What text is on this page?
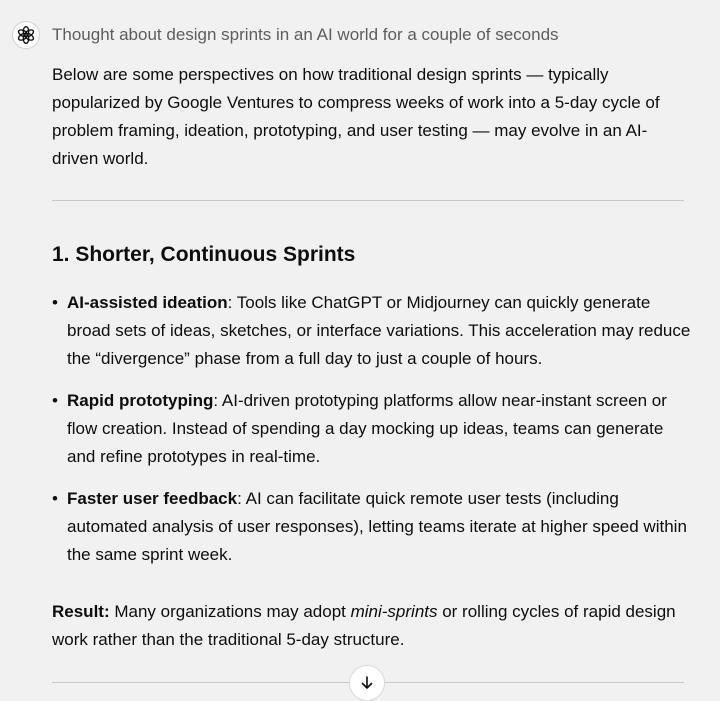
Thought about design sprints in an AI world for a couple of seconds

Below are some perspectives on how traditional design sprints — typically popularized by Google Ventures to compress weeks of work into a 5-day cycle of problem framing, ideation, prototyping, and user testing — may evolve in an AI-driven world.

1. Shorter, Continuous Sprints
• AI-assisted ideation: Tools like ChatGPT or Midjourney can quickly generate broad sets of ideas, sketches, or interface variations. This acceleration may reduce the “divergence” phase from a full day to just a couple of hours.
• Rapid prototyping: AI-driven prototyping platforms allow near-instant screen or flow creation. Instead of spending a day mocking up ideas, teams can generate and refine prototypes in real-time.
• Faster user feedback: AI can facilitate quick remote user tests (including automated analysis of user responses), letting teams iterate at higher speed within the same sprint week.

Result: Many organizations may adopt mini-sprints or rolling cycles of rapid design work rather than the traditional 5-day structure.
